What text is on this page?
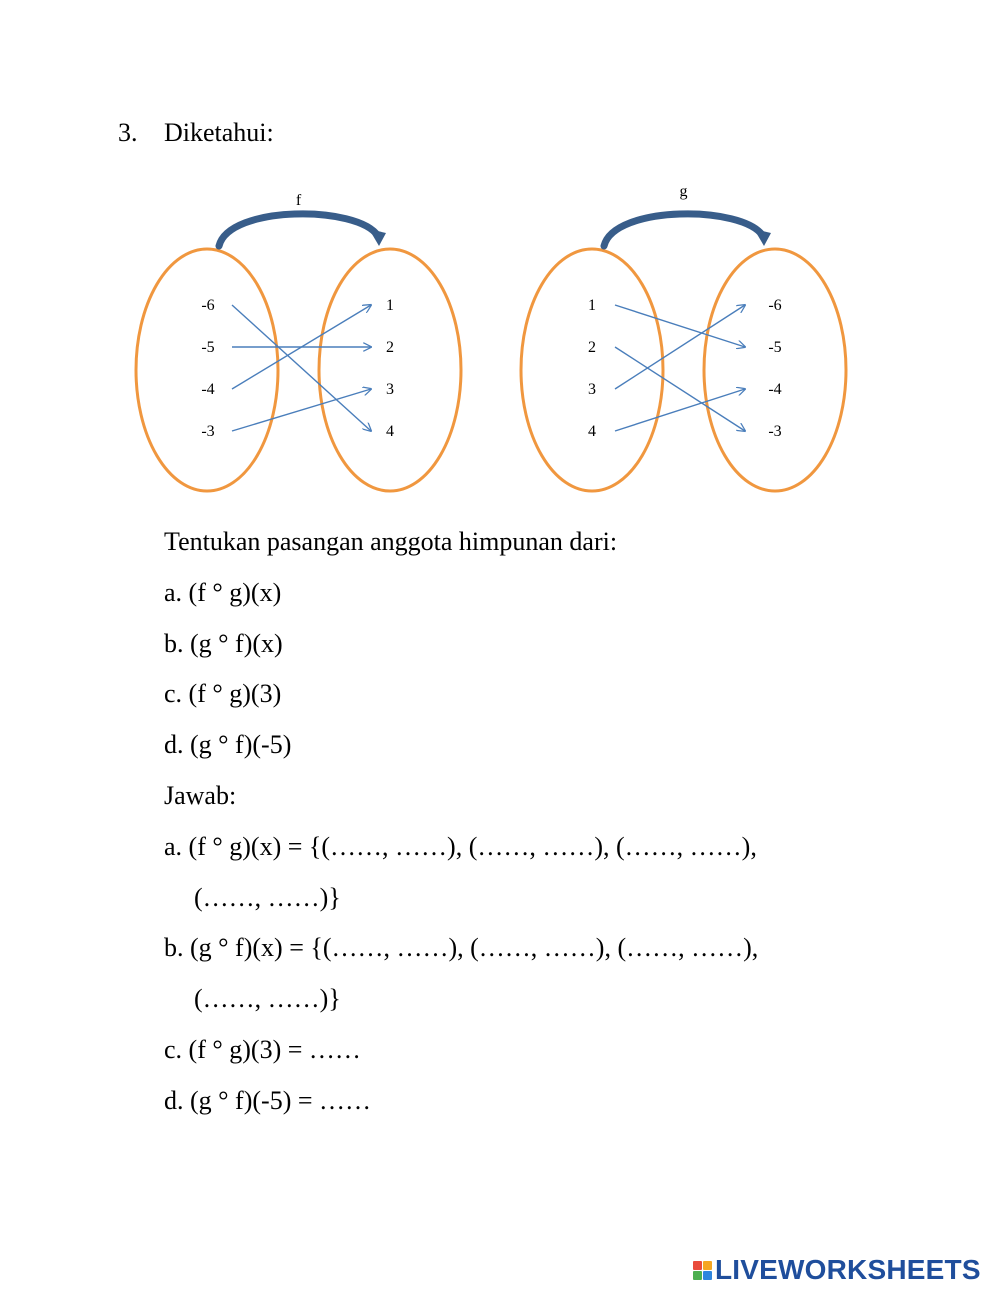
3. Diketahui:
f
-6
-5
-4
-3
1
2
3
4
g
1
2
3
4
-6
-5
-4
-3
Tentukan pasangan anggota himpunan dari:
a. (f ° g)(x)
b. (g ° f)(x)
c. (f ° g)(3)
d. (g ° f)(-5)
Jawab:
a. (f ° g)(x) = {(……, ……), (……, ……), (……, ……),
(……, ……)}
b. (g ° f)(x) = {(……, ……), (……, ……), (……, ……),
(……, ……)}
c. (f ° g)(3) = ……
d. (g ° f)(-5) = ……
LIVEWORKSHEETS
